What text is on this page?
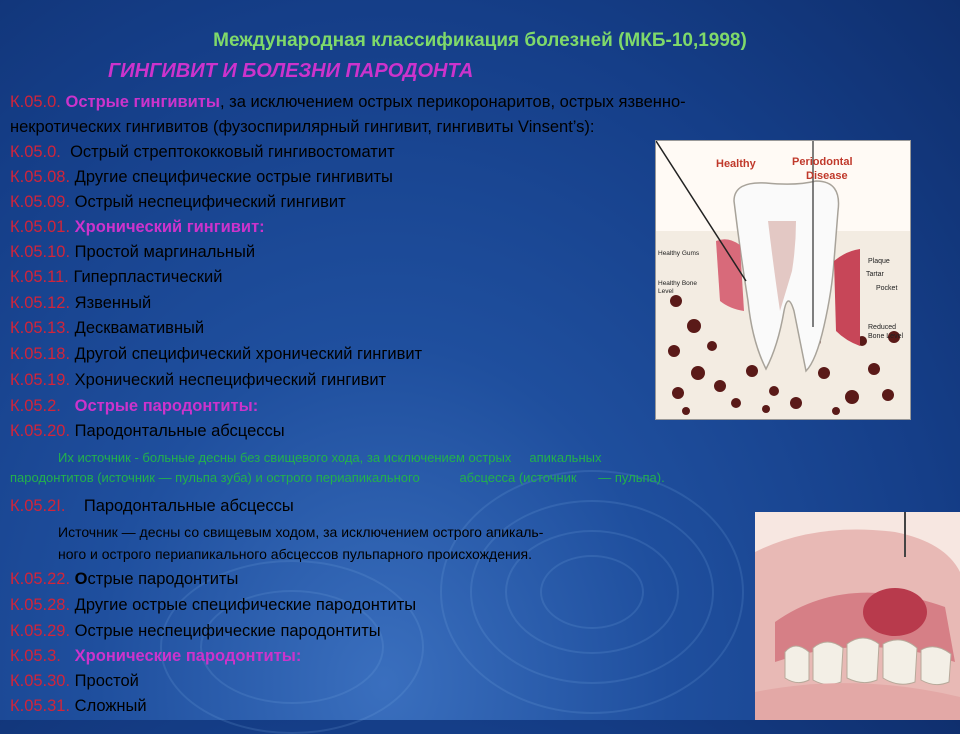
Международная классификация болезней (МКБ-10,1998)
ГИНГИВИТ И БОЛЕЗНИ ПАРОДОНТА
К.05.0. Острые гингивиты, за исключением острых перикоронаритов, острых язвенно-
некротических гингивитов (фузоспирилярный гингивит, гингивиты Vinsent’s):
К.05.0. Острый стрептококковый гингивостоматит
К.05.08. Другие специфические острые гингивиты
К.05.09. Острый неспецифический гингивит
К.05.01. Хронический гингивит:
К.05.10. Простой маргинальный
К.05.11. Гиперпластический
К.05.12. Язвенный
К.05.13. Десквамативный
К.05.18. Другой специфический хронический гингивит
К.05.19. Хронический неспецифический гингивит
К.05.2. Острые пародонтиты:
К.05.20. Пародонтальные абсцессы
Их источник - больные десны без свищевого хода, за исключением острых     апикальных
пародонтитов (источник — пульпа зуба) и острого периапикального           абсцесса (источник      — пульпа).
К.05.2І. Пародонтальные абсцессы
Источник — десны со свищевым ходом, за исключением острого апикаль-
ного и острого периапикального абсцессов пульпарного происхождения.
К.05.22. Острые пародонтиты
К.05.28. Другие острые специфические пародонтиты
К.05.29. Острые неспецифические пародонтиты
К.05.3. Хронические пародонтиты:
К.05.30. Простой
К.05.31. Сложный
Healthy	Periodontal
Disease
Healthy Gums
Healthy Bone
Level
Plaque
Tartar
Pocket
Reduced
Bone Level
